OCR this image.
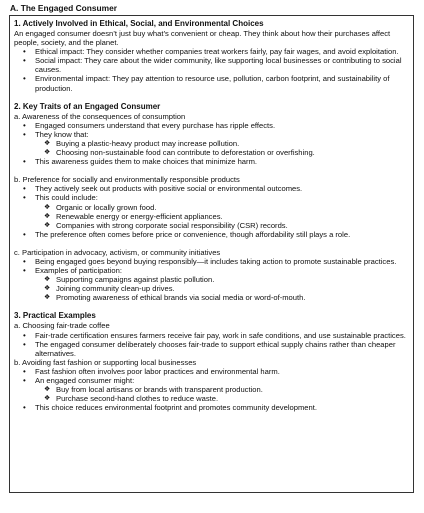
A. The Engaged Consumer
1. Actively Involved in Ethical, Social, and Environmental Choices

An engaged consumer doesn’t just buy what’s convenient or cheap. They think about how their purchases affect people, society, and the planet.

• Ethical impact: They consider whether companies treat workers fairly, pay fair wages, and avoid exploitation.
• Social impact: They care about the wider community, like supporting local businesses or contributing to social causes.
• Environmental impact: They pay attention to resource use, pollution, carbon footprint, and sustainability of production.
2. Key Traits of an Engaged Consumer

a. Awareness of the consequences of consumption

• Engaged consumers understand that every purchase has ripple effects.
• They know that:
❖ Buying a plastic-heavy product may increase pollution.
❖ Choosing non-sustainable food can contribute to deforestation or overfishing.
• This awareness guides them to make choices that minimize harm.

b. Preference for socially and environmentally responsible products

• They actively seek out products with positive social or environmental outcomes.
• This could include:
❖ Organic or locally grown food.
❖ Renewable energy or energy-efficient appliances.
❖ Companies with strong corporate social responsibility (CSR) records.
• The preference often comes before price or convenience, though affordability still plays a role.

c. Participation in advocacy, activism, or community initiatives

• Being engaged goes beyond buying responsibly—it includes taking action to promote sustainable practices.
• Examples of participation:
❖ Supporting campaigns against plastic pollution.
❖ Joining community clean-up drives.
❖ Promoting awareness of ethical brands via social media or word-of-mouth.
3. Practical Examples

a. Choosing fair-trade coffee

• Fair-trade certification ensures farmers receive fair pay, work in safe conditions, and use sustainable practices.
• The engaged consumer deliberately chooses fair-trade to support ethical supply chains rather than cheaper alternatives.

b. Avoiding fast fashion or supporting local businesses

• Fast fashion often involves poor labor practices and environmental harm.
• An engaged consumer might:
❖ Buy from local artisans or brands with transparent production.
❖ Purchase second-hand clothes to reduce waste.
• This choice reduces environmental footprint and promotes community development.
